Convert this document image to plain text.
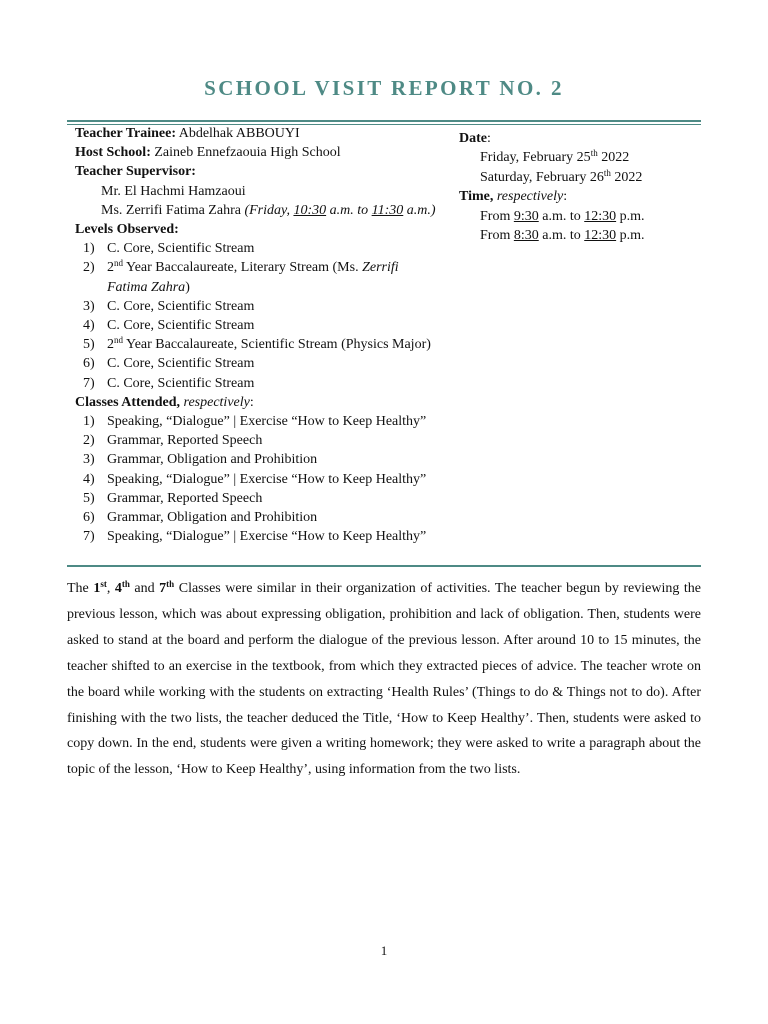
SCHOOL VISIT REPORT NO. 2
Teacher Trainee: Abdelhak ABBOUYI
Host School: Zaineb Ennefzaouia High School
Teacher Supervisor:
Mr. El Hachmi Hamzaoui
Ms. Zerrifi Fatima Zahra (Friday, 10:30 a.m. to 11:30 a.m.)
Levels Observed:
1) C. Core, Scientific Stream
2) 2nd Year Baccalaureate, Literary Stream (Ms. Zerrifi
Fatima Zahra)
3) C. Core, Scientific Stream
4) C. Core, Scientific Stream
5) 2nd Year Baccalaureate, Scientific Stream (Physics Major)
6) C. Core, Scientific Stream
7) C. Core, Scientific Stream
Classes Attended, respectively:
1) Speaking, “Dialogue” | Exercise “How to Keep Healthy”
2) Grammar, Reported Speech
3) Grammar, Obligation and Prohibition
4) Speaking, “Dialogue” | Exercise “How to Keep Healthy”
5) Grammar, Reported Speech
6) Grammar, Obligation and Prohibition
7) Speaking, “Dialogue” | Exercise “How to Keep Healthy”
Date:
Friday, February 25th 2022
Saturday, February 26th 2022
Time, respectively:
From 9:30 a.m. to 12:30 p.m.
From 8:30 a.m. to 12:30 p.m.
The 1st, 4th and 7th Classes were similar in their organization of activities. The teacher begun by reviewing the previous lesson, which was about expressing obligation, prohibition and lack of obligation. Then, students were asked to stand at the board and perform the dialogue of the previous lesson. After around 10 to 15 minutes, the teacher shifted to an exercise in the textbook, from which they extracted pieces of advice. The teacher wrote on the board while working with the students on extracting ‘Health Rules’ (Things to do & Things not to do). After finishing with the two lists, the teacher deduced the Title, ‘How to Keep Healthy’. Then, students were asked to copy down. In the end, students were given a writing homework; they were asked to write a paragraph about the topic of the lesson, ‘How to Keep Healthy’, using information from the two lists.
1
